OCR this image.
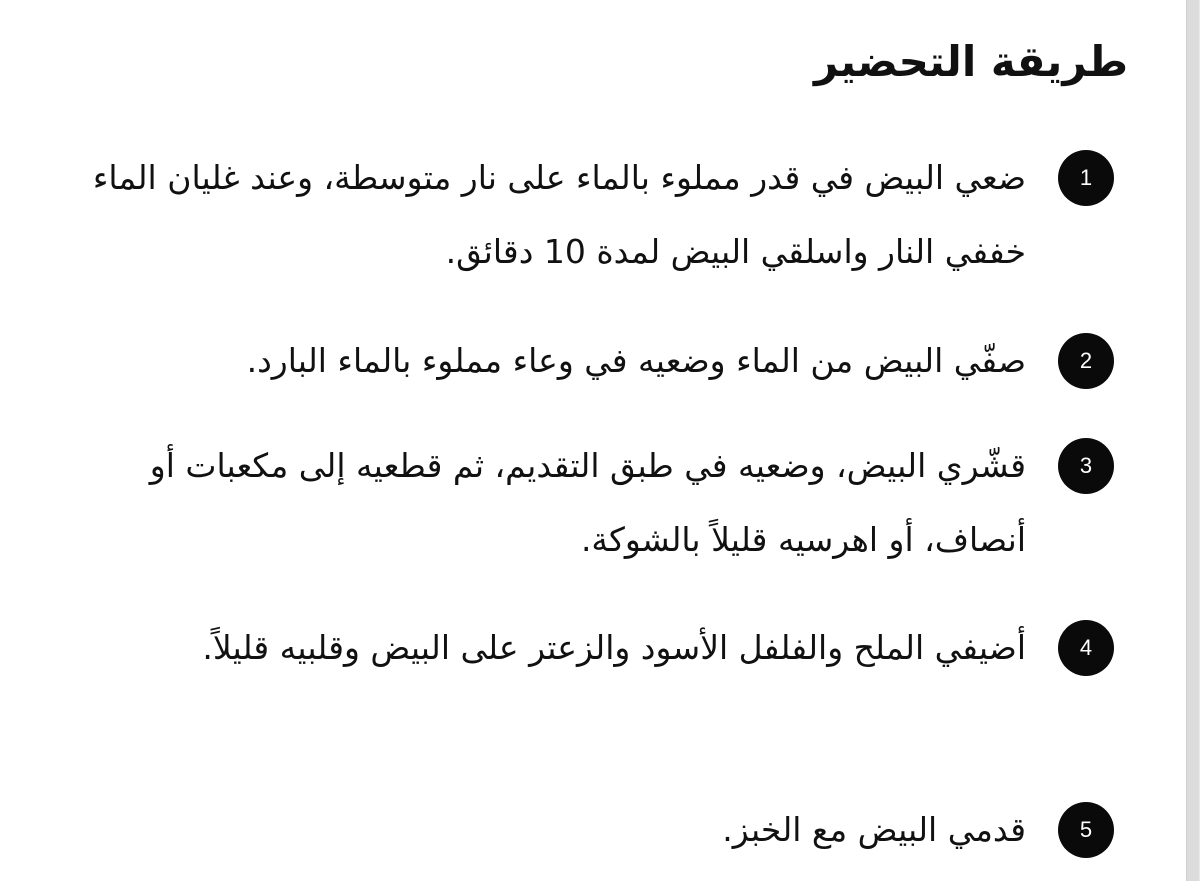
طريقة التحضير
1
ضعي البيض في قدر مملوء بالماء على نار متوسطة، وعند غليان الماء خففي النار واسلقي البيض لمدة 10 دقائق.
2
صفّي البيض من الماء وضعيه في وعاء مملوء بالماء البارد.
3
قشّري البيض، وضعيه في طبق التقديم، ثم قطعيه إلى مكعبات أو أنصاف، أو اهرسيه قليلاً بالشوكة.
4
أضيفي الملح والفلفل الأسود والزعتر على البيض وقلبيه قليلاً.
5
قدمي البيض مع الخبز.
